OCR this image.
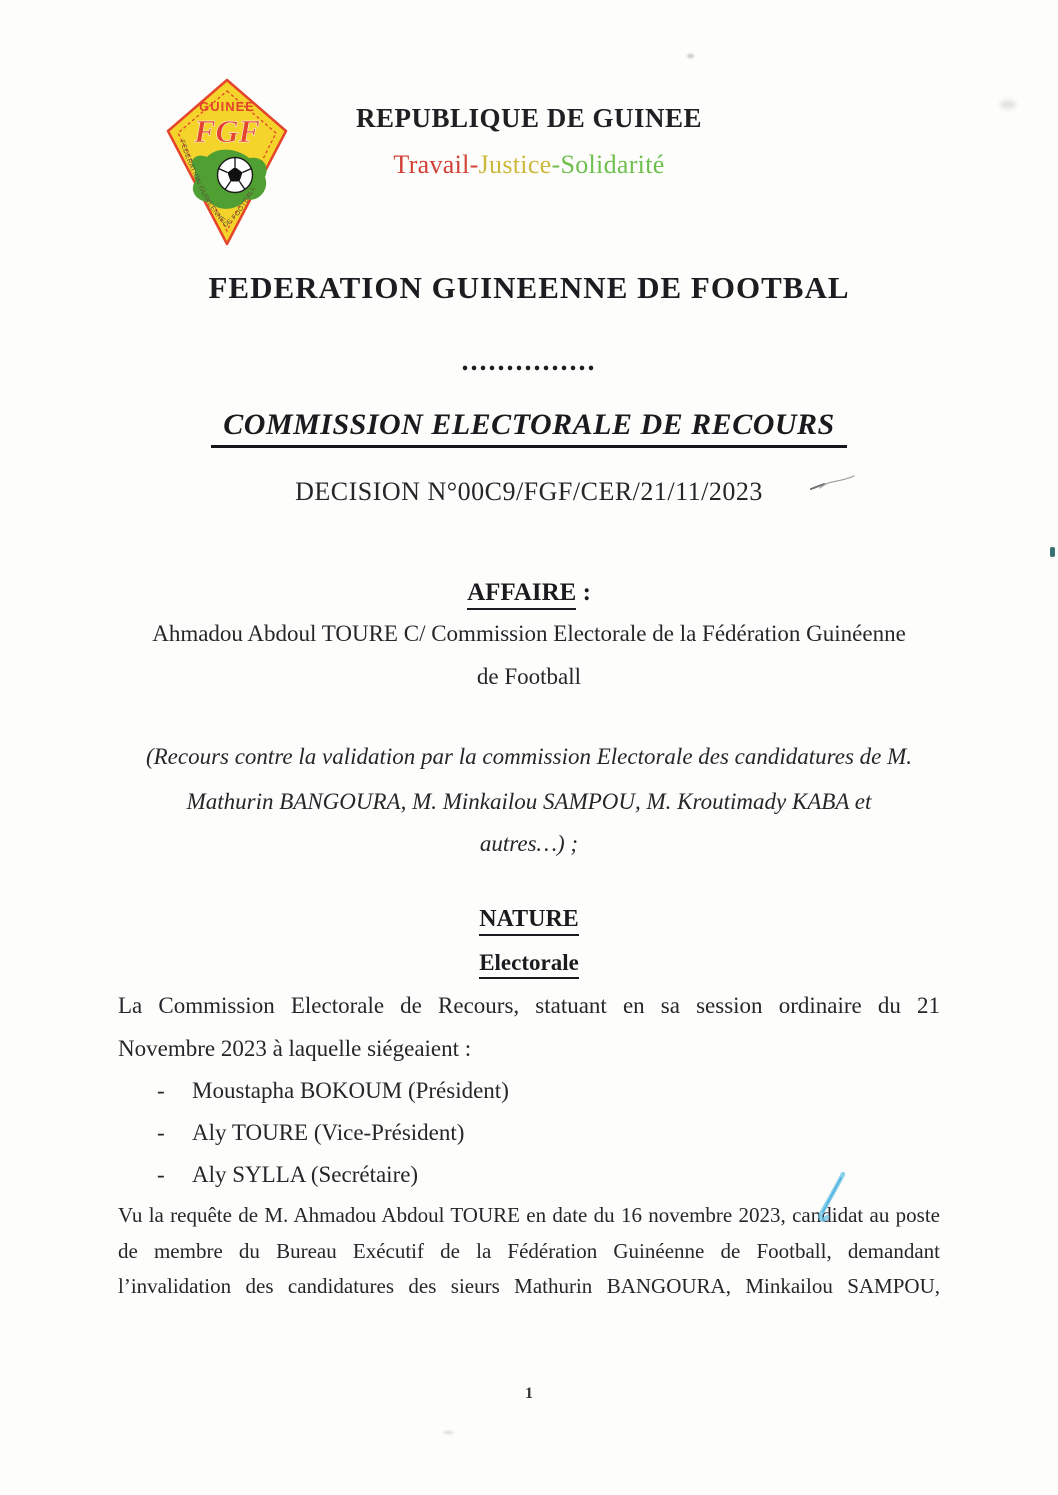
GUINEE
FGF
FEDERATION GUINEENNE DE FOOTBALL
REPUBLIQUE DE GUINEE
Travail-Justice-Solidarité
FEDERATION GUINEENNE DE FOOTBAL
...............
COMMISSION ELECTORALE DE RECOURS
DECISION N°00C9/FGF/CER/21/11/2023
AFFAIRE :
Ahmadou Abdoul TOURE C/ Commission Electorale de la Fédération Guinéenne
de Football
(Recours contre la validation par la commission Electorale des candidatures de M.
Mathurin BANGOURA, M. Minkailou SAMPOU, M. Kroutimady KABA et
autres…) ;
NATURE
Electorale
La Commission Electorale de Recours, statuant en sa session ordinaire du 21
Novembre 2023 à laquelle siégeaient :
- Moustapha BOKOUM (Président)
- Aly TOURE (Vice-Président)
- Aly SYLLA (Secrétaire)
Vu la requête de M. Ahmadou Abdoul TOURE en date du 16 novembre 2023, candidat au poste
de membre du Bureau Exécutif de la Fédération Guinéenne de Football, demandant
l’invalidation des candidatures des sieurs Mathurin BANGOURA, Minkailou SAMPOU,
1
